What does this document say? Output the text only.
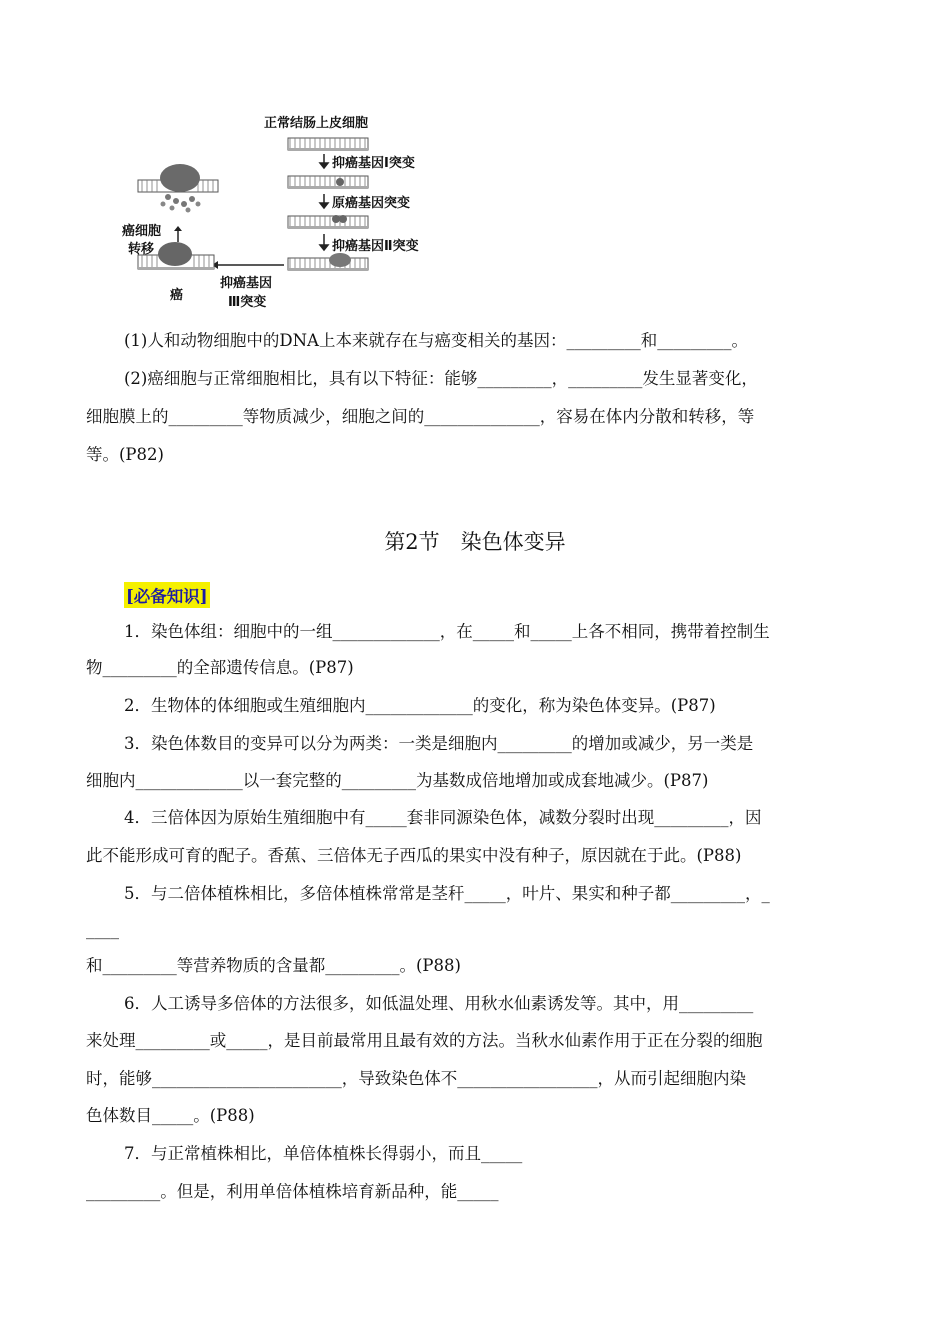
正常结肠上皮细胞
抑癌基因Ⅰ突变
原癌基因突变
抑癌基因Ⅱ突变
抑癌基因
Ⅲ突变
癌细胞
转移
癌
(1)人和动物细胞中的DNA上本来就存在与癌变相关的基因：_________和_________。
(2)癌细胞与正常细胞相比，具有以下特征：能够_________，_________发生显著变化，
细胞膜上的_________等物质减少，细胞之间的______________，容易在体内分散和转移，等
等。(P82)
第2节　染色体变异
[必备知识]
1．染色体组：细胞中的一组_____________，在_____和_____上各不相同，携带着控制生
物_________的全部遗传信息。(P87)
2．生物体的体细胞或生殖细胞内_____________的变化，称为染色体变异。(P87)
3．染色体数目的变异可以分为两类：一类是细胞内_________的增加或减少，另一类是
细胞内_____________以一套完整的_________为基数成倍地增加或成套地减少。(P87)
4．三倍体因为原始生殖细胞中有_____套非同源染色体，减数分裂时出现_________，因
此不能形成可育的配子。香蕉、三倍体无子西瓜的果实中没有种子，原因就在于此。(P88)
5．与二倍体植株相比，多倍体植株常常是茎秆_____，叶片、果实和种子都_________，_
____
和_________等营养物质的含量都_________。(P88)
6．人工诱导多倍体的方法很多，如低温处理、用秋水仙素诱发等。其中，用_________
来处理_________或_____，是目前最常用且最有效的方法。当秋水仙素作用于正在分裂的细胞
时，能够_______________________，导致染色体不_________________，从而引起细胞内染
色体数目_____。(P88)
7．与正常植株相比，单倍体植株长得弱小，而且_____
_________。但是，利用单倍体植株培育新品种，能_____
